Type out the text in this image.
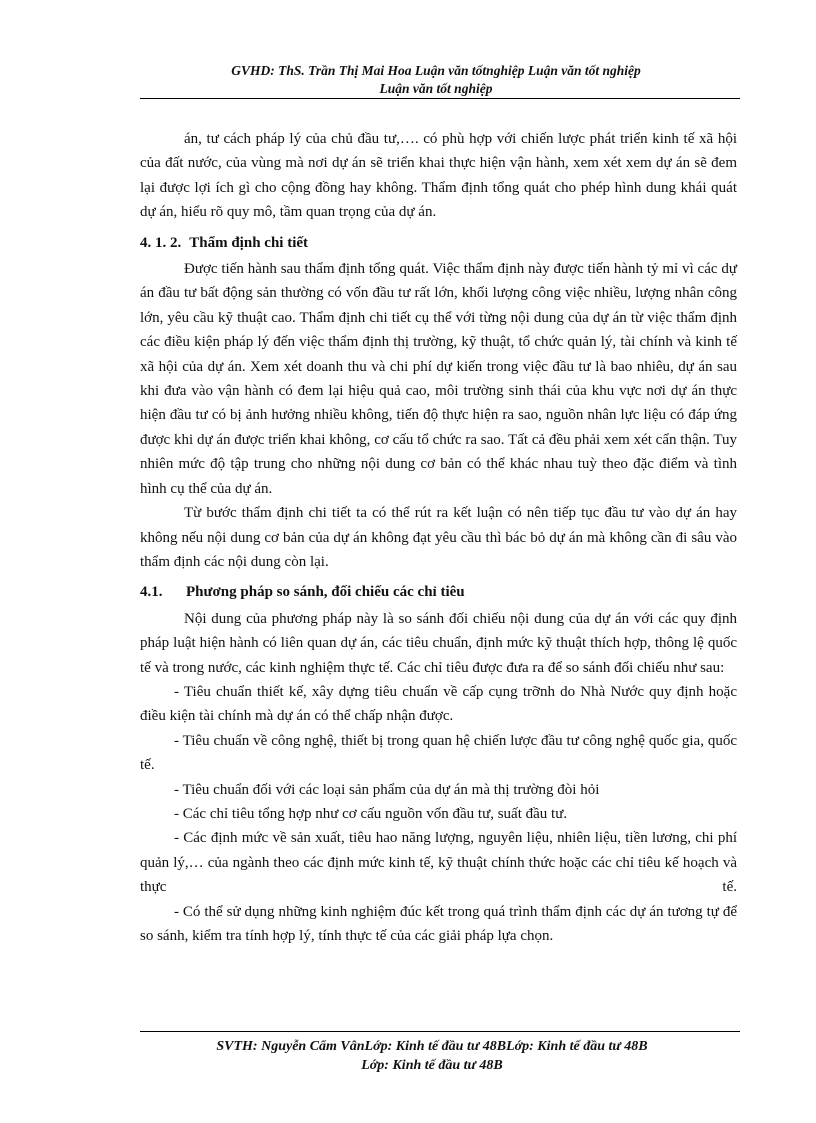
GVHD: ThS. Trần Thị Mai Hoa Luận văn tốtnghiệp Luận văn tốt nghiệp
Luận văn tốt nghiệp

án, tư cách pháp lý của chủ đầu tư,…. có phù hợp với chiến lược phát triển kinh tế xã hội của đất nước, của vùng mà nơi dự án sẽ triển khai thực hiện vận hành, xem xét xem dự án sẽ đem lại được lợi ích gì cho cộng đồng hay không. Thẩm định tổng quát cho phép hình dung khái quát dự án, hiểu rõ quy mô, tầm quan trọng của dự án.

4. 1. 2. Thẩm định chi tiết

Được tiến hành sau thẩm định tổng quát. Việc thẩm định này được tiến hành tỷ mỉ vì các dự án đầu tư bất động sản thường có vốn đầu tư rất lớn, khối lượng công việc nhiều, lượng nhân công lớn, yêu cầu kỹ thuật cao. Thẩm định chi tiết cụ thể với từng nội dung của dự án từ việc thẩm định các điều kiện pháp lý đến việc thẩm định thị trường, kỹ thuật, tổ chức quản lý, tài chính và kinh tế xã hội của dự án. Xem xét doanh thu và chi phí dự kiến trong việc đầu tư là bao nhiêu, dự án sau khi đưa vào vận hành có đem lại hiệu quả cao, môi trường sinh thái của khu vực nơi dự án thực hiện đầu tư có bị ảnh hưởng nhiều không, tiến độ thực hiện ra sao, nguồn nhân lực liệu có đáp ứng được khi dự án được triển khai không, cơ cấu tổ chức ra sao. Tất cả đều phải xem xét cẩn thận. Tuy nhiên mức độ tập trung cho những nội dung cơ bản có thể khác nhau tuỳ theo đặc điểm và tình hình cụ thể của dự án.

Từ bước thẩm định chi tiết ta có thể rút ra kết luận có nên tiếp tục đầu tư vào dự án hay không nếu nội dung cơ bản của dự án không đạt yêu cầu thì bác bỏ dự án mà không cần đi sâu vào thẩm định các nội dung còn lại.

4.1. Phương pháp so sánh, đối chiếu các chỉ tiêu

Nội dung của phương pháp này là so sánh đối chiếu nội dung của dự án với các quy định pháp luật hiện hành có liên quan dự án, các tiêu chuẩn, định mức kỹ thuật thích hợp, thông lệ quốc tế và trong nước, các kinh nghiệm thực tế. Các chỉ tiêu được đưa ra để so sánh đối chiếu như sau:

- Tiêu chuẩn thiết kế, xây dựng tiêu chuẩn về cấp cụng trỡnh do Nhà Nước quy định hoặc điều kiện tài chính mà dự án có thể chấp nhận được.

- Tiêu chuẩn về công nghệ, thiết bị trong quan hệ chiến lược đầu tư công nghệ quốc gia, quốc tế.

- Tiêu chuẩn đối với các loại sản phẩm của dự án mà thị trường đòi hỏi

- Các chỉ tiêu tổng hợp như cơ cấu nguồn vốn đầu tư, suất đầu tư.

- Các định mức về sản xuất, tiêu hao năng lượng, nguyên liệu, nhiên liệu, tiền lương, chi phí quản lý,… của ngành theo các định mức kinh tế, kỹ thuật chính thức hoặc các chỉ tiêu kế hoạch và thực tế.

- Có thể sử dụng những kinh nghiệm đúc kết trong quá trình thẩm định các dự án tương tự để so sánh, kiểm tra tính hợp lý, tính thực tế của các giải pháp lựa chọn.

SVTH: Nguyễn Cẩm VânLớp: Kinh tế đầu tư 48BLớp: Kinh tế đầu tư 48B
Lớp: Kinh tế đầu tư 48B
